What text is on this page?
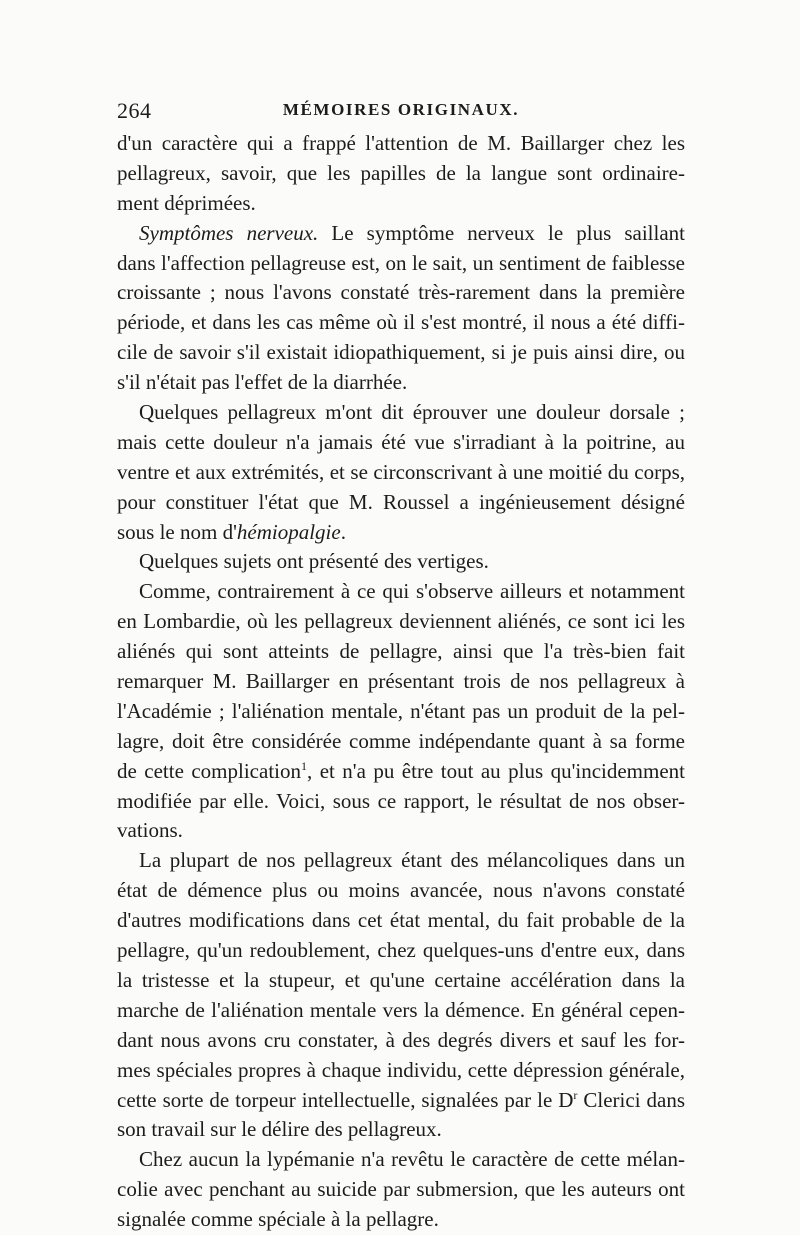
264	MÉMOIRES ORIGINAUX.
d'un caractère qui a frappé l'attention de M. Baillarger chez les
pellagreux, savoir, que les papilles de la langue sont ordinaire-
ment déprimées.
Symptômes nerveux. Le symptôme nerveux le plus saillant
dans l'affection pellagreuse est, on le sait, un sentiment de faiblesse
croissante ; nous l'avons constaté très-rarement dans la première
période, et dans les cas même où il s'est montré, il nous a été diffi-
cile de savoir s'il existait idiopathiquement, si je puis ainsi dire, ou
s'il n'était pas l'effet de la diarrhée.
Quelques pellagreux m'ont dit éprouver une douleur dorsale ;
mais cette douleur n'a jamais été vue s'irradiant à la poitrine, au
ventre et aux extrémités, et se circonscrivant à une moitié du corps,
pour constituer l'état que M. Roussel a ingénieusement désigné
sous le nom d'hémiopalgie.
Quelques sujets ont présenté des vertiges.
Comme, contrairement à ce qui s'observe ailleurs et notamment
en Lombardie, où les pellagreux deviennent aliénés, ce sont ici les
aliénés qui sont atteints de pellagre, ainsi que l'a très-bien fait
remarquer M. Baillarger en présentant trois de nos pellagreux à
l'Académie ; l'aliénation mentale, n'étant pas un produit de la pel-
lagre, doit être considérée comme indépendante quant à sa forme
de cette complication$^1$, et n'a pu être tout au plus qu'incidemment
modifiée par elle. Voici, sous ce rapport, le résultat de nos obser-
vations.
La plupart de nos pellagreux étant des mélancoliques dans un
état de démence plus ou moins avancée, nous n'avons constaté
d'autres modifications dans cet état mental, du fait probable de la
pellagre, qu'un redoublement, chez quelques-uns d'entre eux, dans
la tristesse et la stupeur, et qu'une certaine accélération dans la
marche de l'aliénation mentale vers la démence. En général cepen-
dant nous avons cru constater, à des degrés divers et sauf les for-
mes spéciales propres à chaque individu, cette dépression générale,
cette sorte de torpeur intellectuelle, signalées par le $D^r$ Clerici dans
son travail sur le délire des pellagreux.
Chez aucun la lypémanie n'a revêtu le caractère de cette mélan-
colie avec penchant au suicide par submersion, que les auteurs ont
signalée comme spéciale à la pellagre.
